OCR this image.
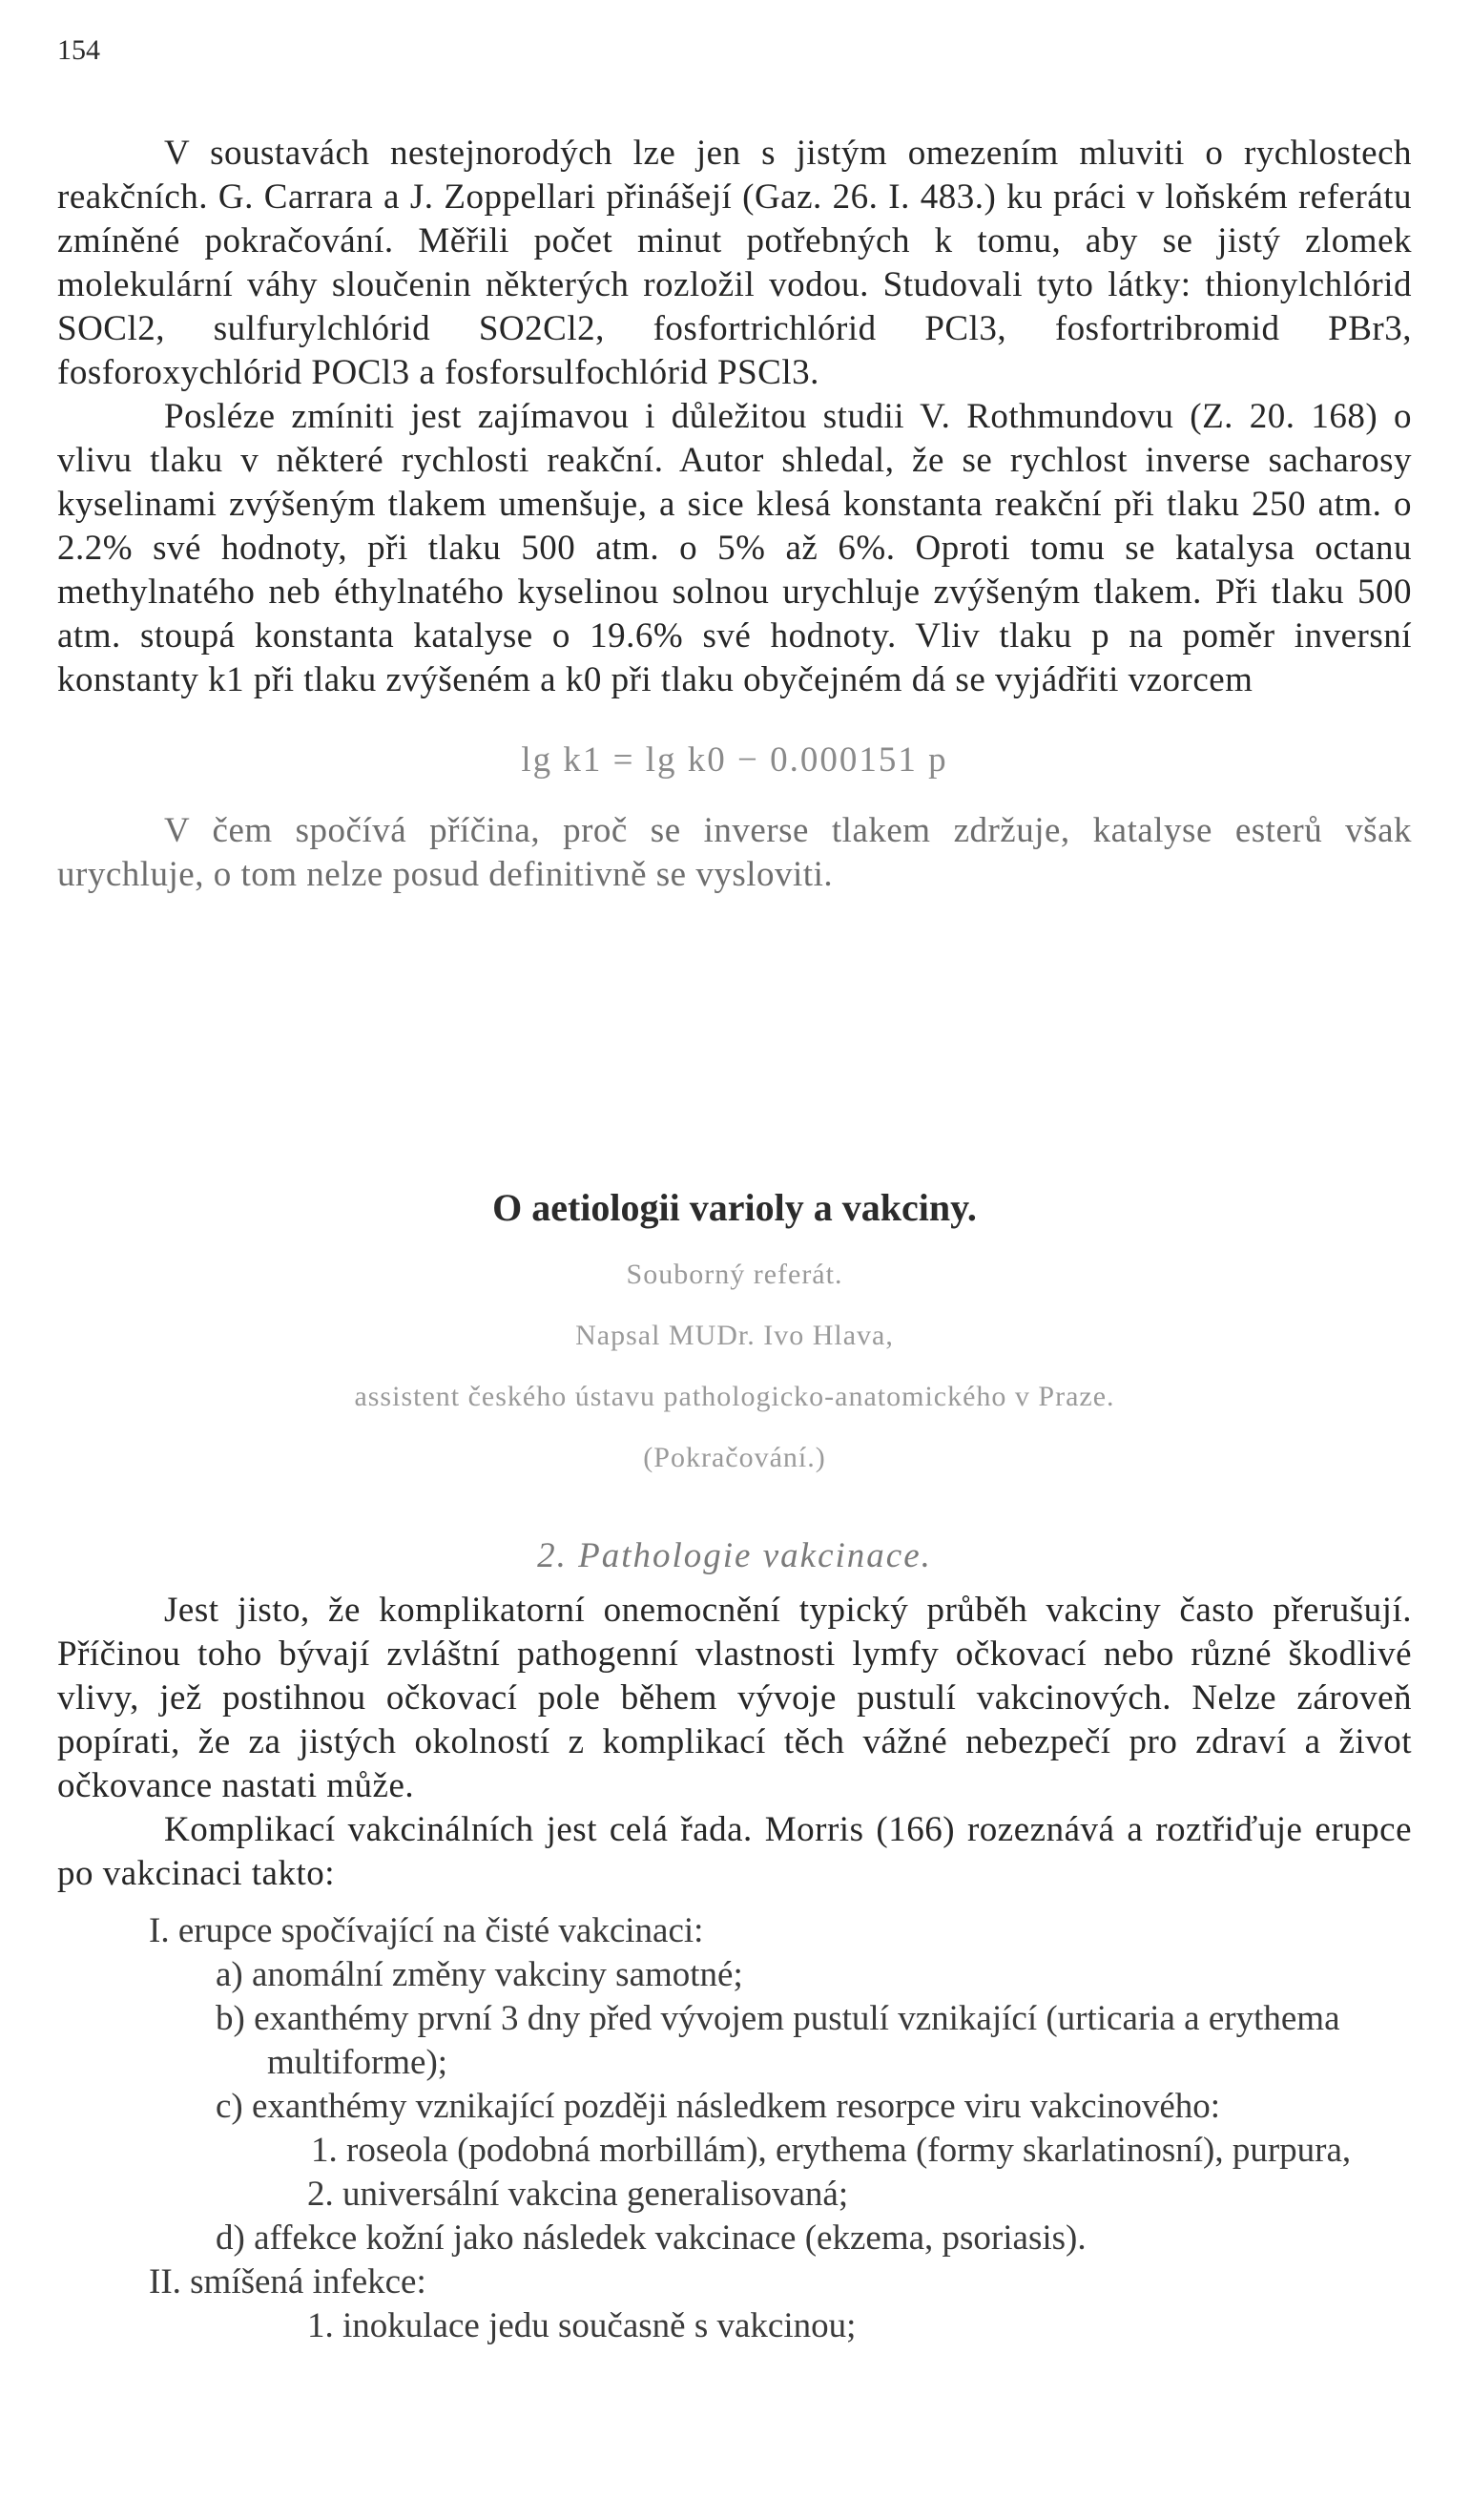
154

V soustavách nestejnorodých lze jen s jistým omezením mluviti o rychlostech reakčních. G. Carrara a J. Zoppellari přinášejí (Gaz. 26. I. 483.) ku práci v loňském referátu zmíněné pokračování. Měřili počet minut potřebných k tomu, aby se jistý zlomek molekulární váhy sloučenin některých rozložil vodou. Studovali tyto látky: thionylchlórid SOCl2, sulfurylchlórid SO2Cl2, fosfortrichlórid PCl3, fosfortribromid PBr3, fosforoxychlórid POCl3 a fosforsulfochlórid PSCl3.

Posléze zmíniti jest zajímavou i důležitou studii V. Rothmundovu (Z. 20. 168) o vlivu tlaku v některé rychlosti reakční. Autor shledal, že se rychlost inverse sacharosy kyselinami zvýšeným tlakem umenšuje, a sice klesá konstanta reakční při tlaku 250 atm. o 2.2% své hodnoty, při tlaku 500 atm. o 5% až 6%. Oproti tomu se katalysa octanu methylnatého neb éthylnatého kyselinou solnou urychluje zvýšeným tlakem. Při tlaku 500 atm. stoupá konstanta katalyse o 19.6% své hodnoty. Vliv tlaku p na poměr inversní konstanty k1 při tlaku zvýšeném a k0 při tlaku obyčejném dá se vyjádřiti vzorcem

lg k1 = lg k0 − 0.000151 p

V čem spočívá příčina, proč se inverse tlakem zdržuje, katalyse esterů však urychluje, o tom nelze posud definitivně se vysloviti.

O aetiologii varioly a vakciny.

Souborný referát.

Napsal MUDr. Ivo Hlava,

assistent českého ústavu pathologicko-anatomického v Praze.

(Pokračování.)

2. Pathologie vakcinace.

Jest jisto, že komplikatorní onemocnění typický průběh vakciny často přerušují. Příčinou toho bývají zvláštní pathogenní vlastnosti lymfy očkovací nebo různé škodlivé vlivy, jež postihnou očkovací pole během vývoje pustulí vakcinových. Nelze zároveň popírati, že za jistých okolností z komplikací těch vážné nebezpečí pro zdraví a život očkovance nastati může.

Komplikací vakcinálních jest celá řada. Morris (166) rozeznává a roztřiďuje erupce po vakcinaci takto:

I. erupce spočívající na čisté vakcinaci:
a) anomální změny vakciny samotné;
b) exanthémy první 3 dny před vývojem pustulí vznikající (urticaria a erythema multiforme);
c) exanthémy vznikající později následkem resorpce viru vakcinového:
1. roseola (podobná morbillám), erythema (formy skarlatinosní), purpura,
2. universální vakcina generalisovaná;
d) affekce kožní jako následek vakcinace (ekzema, psoriasis).
II. smíšená infekce:
1. inokulace jedu současně s vakcinou;
